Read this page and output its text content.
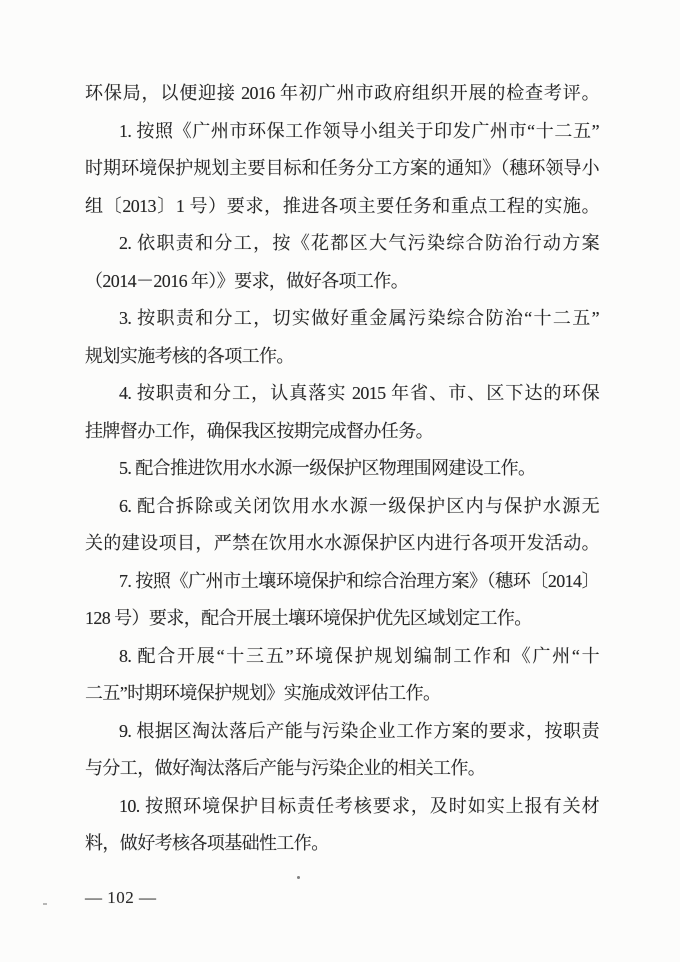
环保局，以便迎接 2016 年初广州市政府组织开展的检查考评。
1. 按照《广州市环保工作领导小组关于印发广州市“十二五”
时期环境保护规划主要目标和任务分工方案的通知》（穗环领导小
组〔2013〕1 号）要求，推进各项主要任务和重点工程的实施。
2. 依职责和分工，按《花都区大气污染综合防治行动方案
（2014－2016 年）》要求，做好各项工作。
3. 按职责和分工，切实做好重金属污染综合防治“十二五”
规划实施考核的各项工作。
4. 按职责和分工，认真落实 2015 年省、市、区下达的环保
挂牌督办工作，确保我区按期完成督办任务。
5. 配合推进饮用水水源一级保护区物理围网建设工作。
6. 配合拆除或关闭饮用水水源一级保护区内与保护水源无
关的建设项目，严禁在饮用水水源保护区内进行各项开发活动。
7. 按照《广州市土壤环境保护和综合治理方案》（穗环〔2014〕
128 号）要求，配合开展土壤环境保护优先区域划定工作。
8. 配合开展“十三五”环境保护规划编制工作和《广州“十
二五”时期环境保护规划》实施成效评估工作。
9. 根据区淘汰落后产能与污染企业工作方案的要求，按职责
与分工，做好淘汰落后产能与污染企业的相关工作。
10. 按照环境保护目标责任考核要求，及时如实上报有关材
料，做好考核各项基础性工作。
— 102 —
